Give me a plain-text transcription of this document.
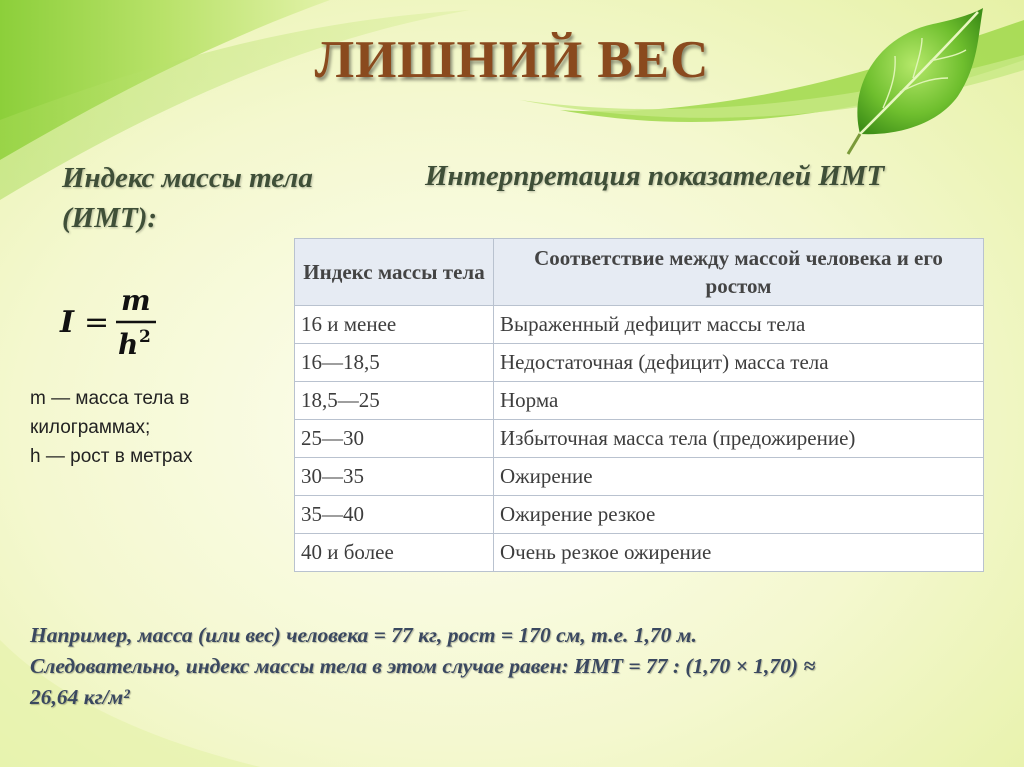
ЛИШНИЙ ВЕС
Индекс массы тела (ИМТ):
Интерпретация показателей ИМТ
I =
m
h 2
m — масса тела в
килограммах;
h — рост в метрах
Индекс массы тела	Соответствие между массой человека и его ростом
16 и менее	Выраженный дефицит массы тела
16—18,5	Недостаточная (дефицит) масса тела
18,5—25	Норма
25—30	Избыточная масса тела (предожирение)
30—35	Ожирение
35—40	Ожирение резкое
40 и более	Очень резкое ожирение
Например, масса (или вес) человека = 77 кг, рост = 170 см, т.е. 1,70 м.
Следовательно, индекс массы тела в этом случае равен: ИМТ = 77 : (1,70 × 1,70) ≈
26,64 кг/м²
